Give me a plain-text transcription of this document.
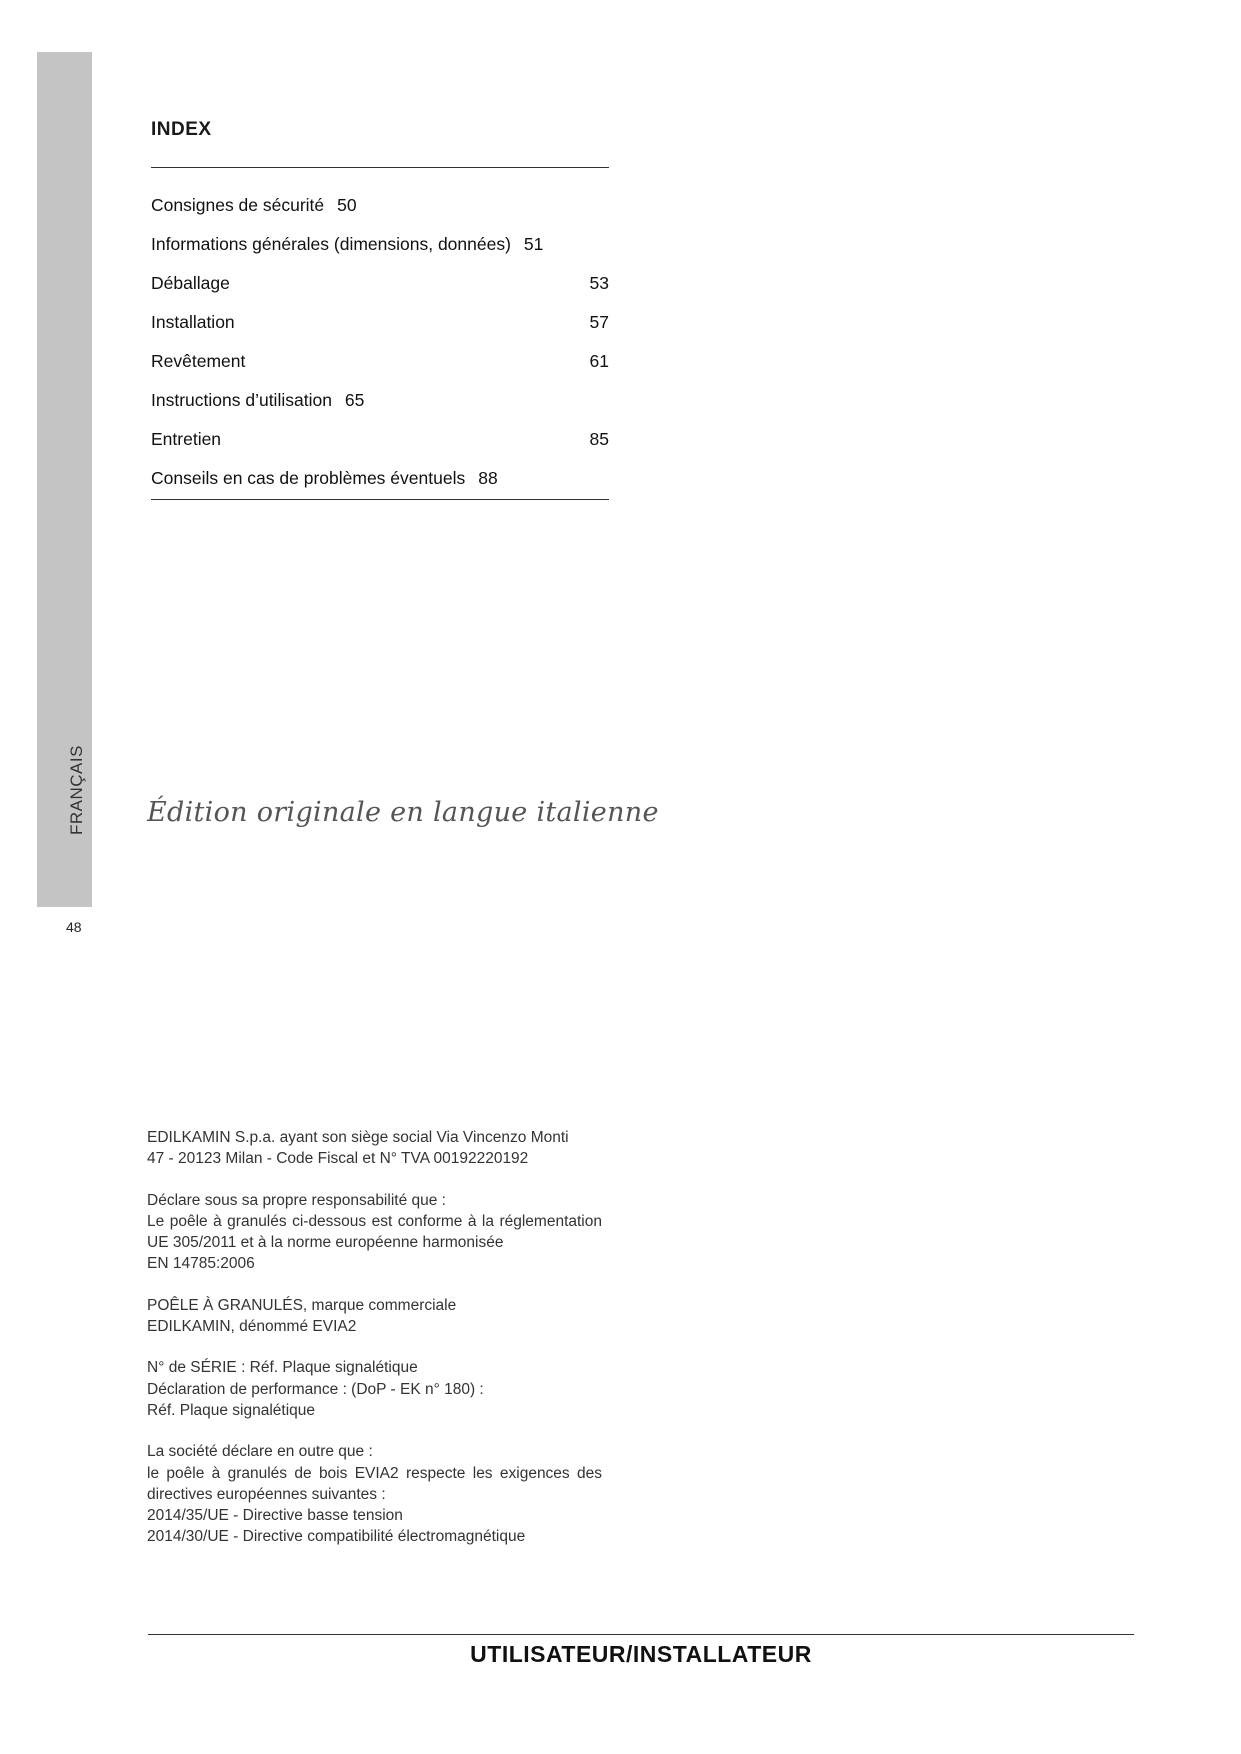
FRANÇAIS
48
INDEX
Consignes de sécurité 50
Informations générales (dimensions, données) 51
Déballage	53
Installation	57
Revêtement	61
Instructions d’utilisation 65
Entretien	85
Conseils en cas de problèmes éventuels 88
Édition originale en langue italienne

EDILKAMIN S.p.a. ayant son siège social Via Vincenzo Monti
47 - 20123 Milan - Code Fiscal et N° TVA 00192220192

Déclare sous sa propre responsabilité que :

Le poêle à granulés ci-dessous est conforme à la réglementation UE 305/2011 et à la norme européenne harmonisée
EN 14785:2006

POÊLE À GRANULÉS, marque commerciale
EDILKAMIN, dénommé EVIA2

N° de SÉRIE : Réf. Plaque signalétique
Déclaration de performance : (DoP - EK n° 180) :
Réf. Plaque signalétique

La société déclare en outre que :

le poêle à granulés de bois EVIA2 respecte les exigences des directives européennes suivantes :
2014/35/UE - Directive basse tension
2014/30/UE - Directive compatibilité électromagnétique

UTILISATEUR/INSTALLATEUR
